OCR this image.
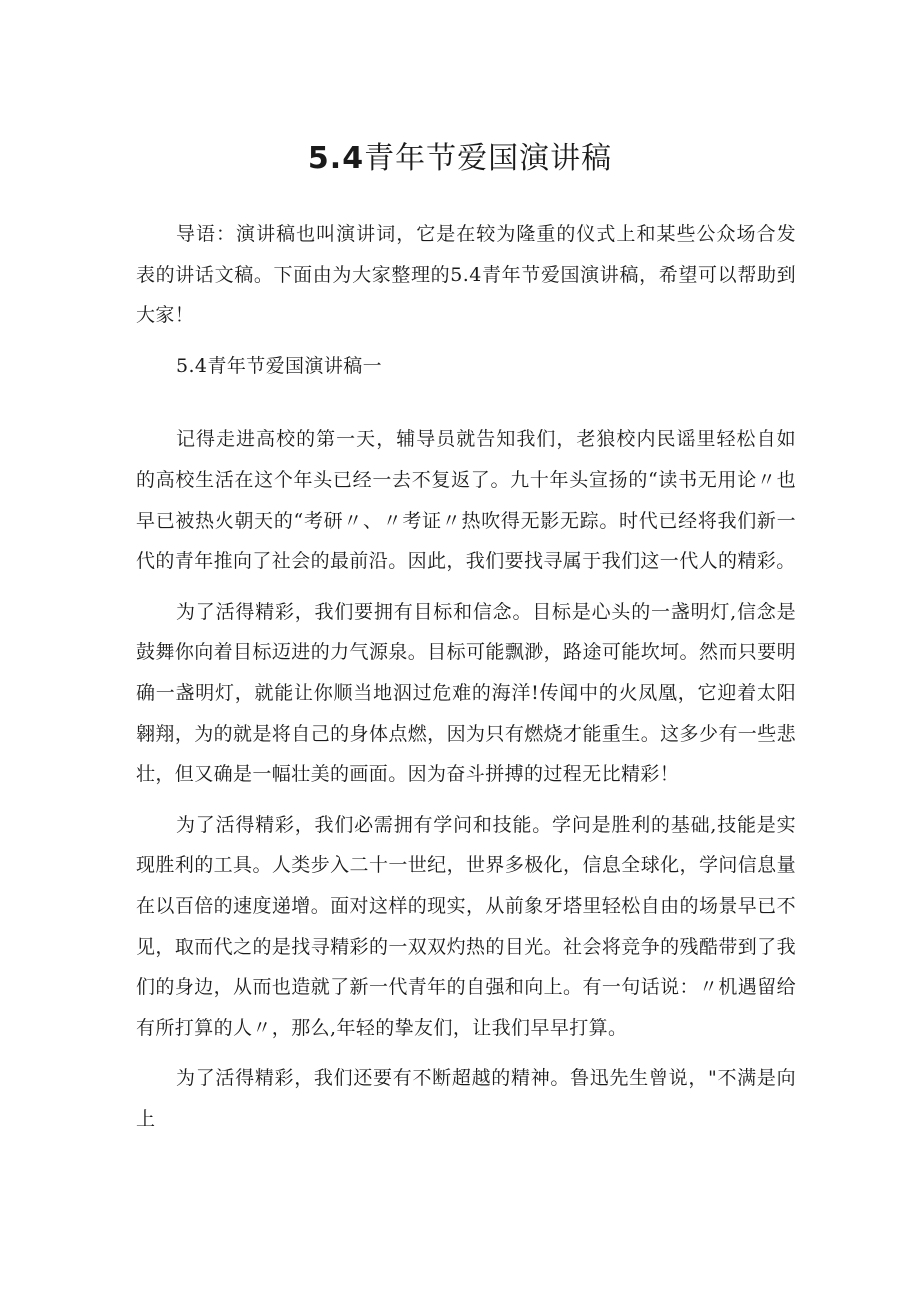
5.4青年节爱国演讲稿

导语：演讲稿也叫演讲词，它是在较为隆重的仪式上和某些公众场合发表的讲话文稿。下面由为大家整理的5.4青年节爱国演讲稿，希望可以帮助到大家！

5.4青年节爱国演讲稿一

记得走进高校的第一天，辅导员就告知我们，老狼校内民谣里轻松自如的高校生活在这个年头已经一去不复返了。九十年头宣扬的“读书无用论〃也早已被热火朝天的“考研〃、〃考证〃热吹得无影无踪。时代已经将我们新一代的青年推向了社会的最前沿。因此，我们要找寻属于我们这一代人的精彩。

为了活得精彩，我们要拥有目标和信念。目标是心头的一盏明灯,信念是鼓舞你向着目标迈进的力气源泉。目标可能飘渺，路途可能坎坷。然而只要明确一盏明灯，就能让你顺当地泅过危难的海洋!传闻中的火凤凰，它迎着太阳翱翔，为的就是将自己的身体点燃，因为只有燃烧才能重生。这多少有一些悲壮，但又确是一幅壮美的画面。因为奋斗拼搏的过程无比精彩！

为了活得精彩，我们必需拥有学问和技能。学问是胜利的基础,技能是实现胜利的工具。人类步入二十一世纪，世界多极化，信息全球化，学问信息量在以百倍的速度递增。面对这样的现实，从前象牙塔里轻松自由的场景早已不见，取而代之的是找寻精彩的一双双灼热的目光。社会将竞争的残酷带到了我们的身边，从而也造就了新一代青年的自强和向上。有一句话说：〃机遇留给有所打算的人〃，那么,年轻的挚友们，让我们早早打算。

为了活得精彩，我们还要有不断超越的精神。鲁迅先生曾说，"不满是向上
